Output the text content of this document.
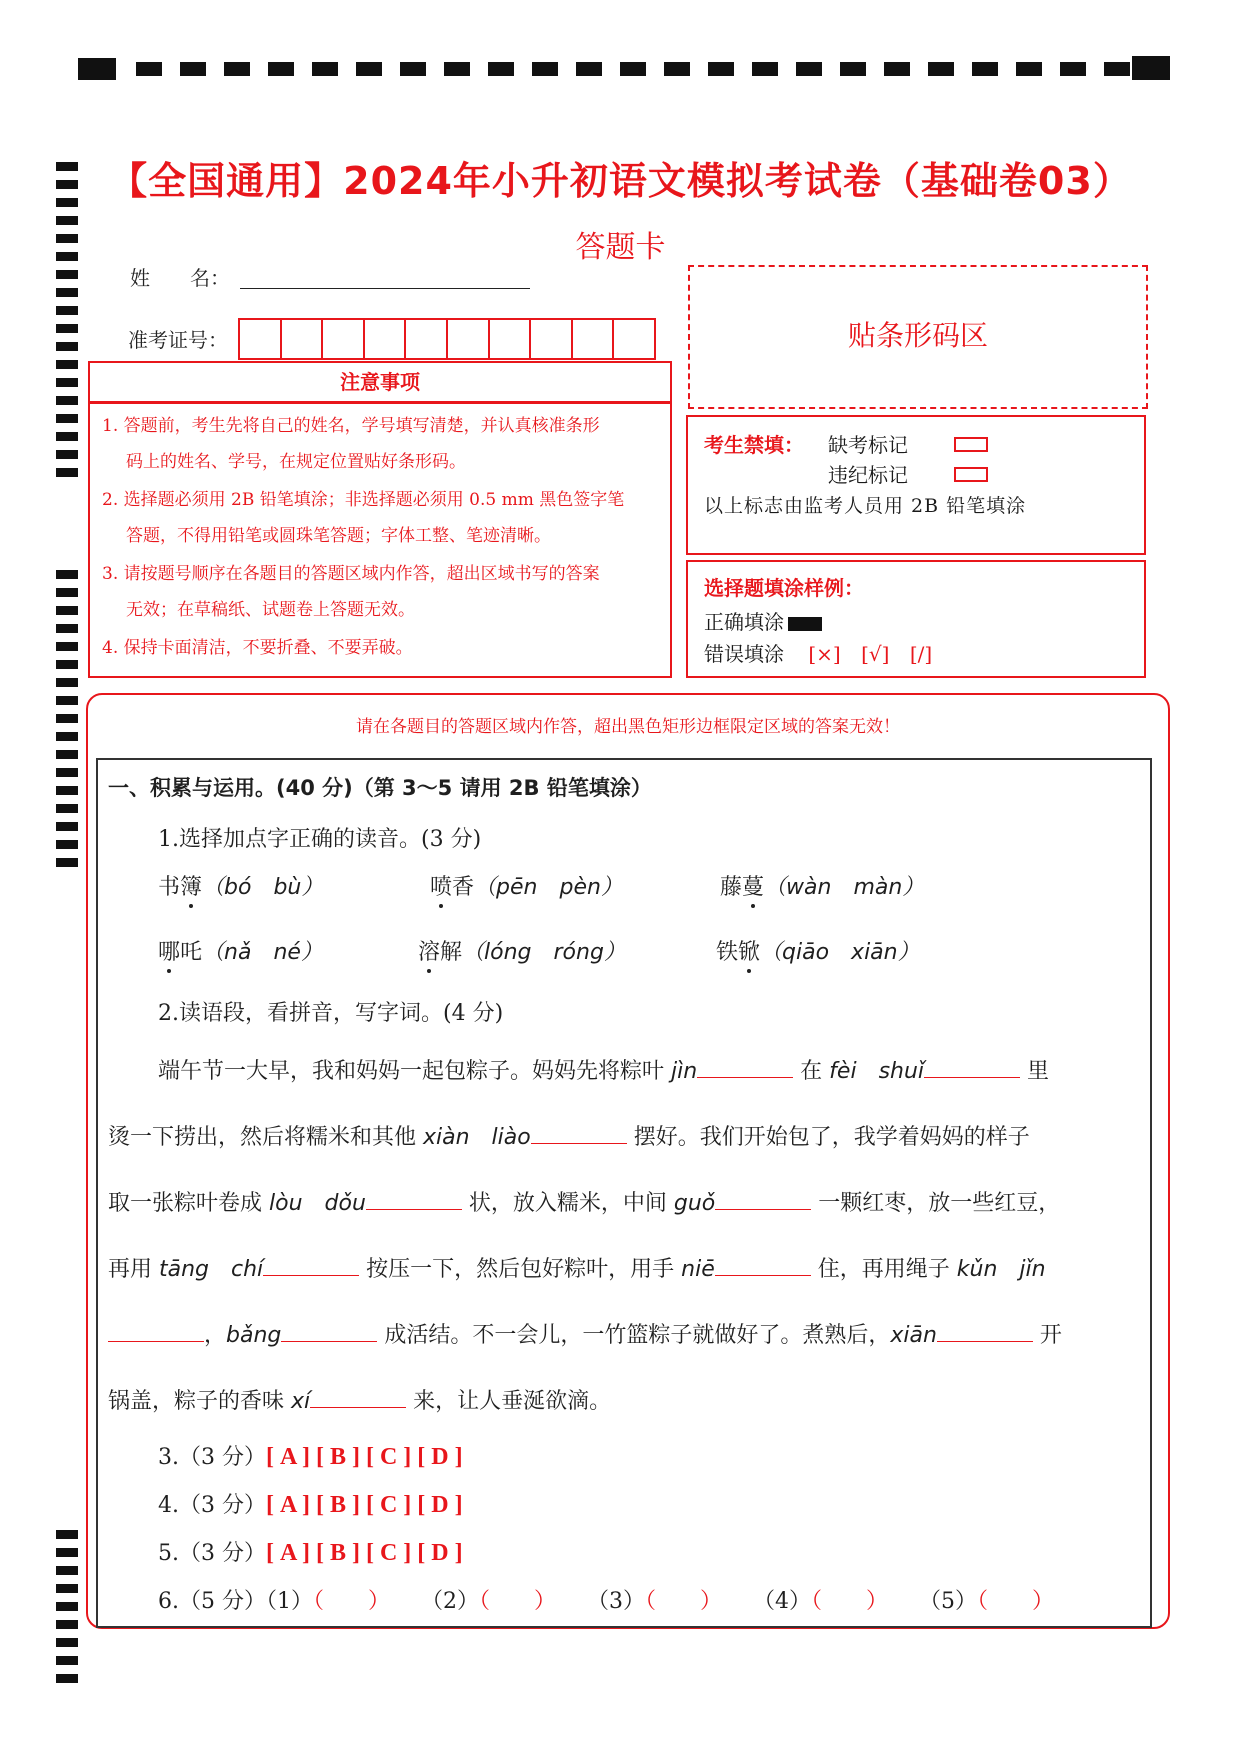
【全国通用】2024年小升初语文模拟考试卷（基础卷03）
答题卡
姓　　名：
准考证号：	贴条形码区
注意事项
1. 答题前，考生先将自己的姓名，学号填写清楚，并认真核准条形
码上的姓名、学号，在规定位置贴好条形码。
2. 选择题必须用 2B 铅笔填涂；非选择题必须用 0.5 mm 黑色签字笔
答题，不得用铅笔或圆珠笔答题；字体工整、笔迹清晰。
3. 请按题号顺序在各题目的答题区域内作答，超出区域书写的答案
无效；在草稿纸、试题卷上答题无效。
4. 保持卡面清洁，不要折叠、不要弄破。
考生禁填： 缺考标记
违纪标记
以上标志由监考人员用 2B 铅笔填涂
选择题填涂样例：
正确填涂
错误填涂 [×] [√] [/]
请在各题目的答题区域内作答，超出黑色矩形边框限定区域的答案无效！
一、积累与运用。(40 分)（第 3～5 请用 2B 铅笔填涂）
1.选择加点字正确的读音。(3 分)
书簿（bó　bù）	喷香（pēn　pèn）	藤蔓（wàn　màn）
哪吒（nǎ　né）	溶解（lóng　róng）	铁锨（qiāo　xiān）
2.读语段，看拼音，写字词。(4 分)
端午节一大早，我和妈妈一起包粽子。妈妈先将粽叶 jìn	在 fèi　shuǐ	里
烫一下捞出，然后将糯米和其他 xiàn　liào	摆好。我们开始包了，我学着妈妈的样子
取一张粽叶卷成 lòu　dǒu	状，放入糯米，中间 guǒ	一颗红枣，放一些红豆，
再用 tāng　chí	按压一下，然后包好粽叶，用手 niē	住，再用绳子 kǔn　jǐn
，bǎng	成活结。不一会儿，一竹篮粽子就做好了。煮熟后，xiān	开
锅盖，粽子的香味 xí	来，让人垂涎欲滴。
3.（3 分）[ A ] [ B ] [ C ] [ D ]
4.（3 分）[ A ] [ B ] [ C ] [ D ]
5.（3 分）[ A ] [ B ] [ C ] [ D ]
6.（5 分）（1）（　　） （2）（　　） （3）（　　） （4）（　　） （5）（　　）
